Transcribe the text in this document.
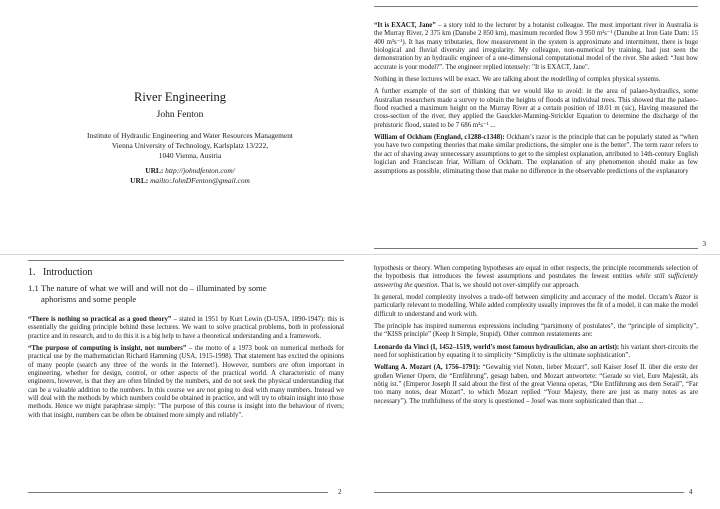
River Engineering
John Fenton
Institute of Hydraulic Engineering and Water Resources Management
Vienna University of Technology, Karlsplatz 13/222,
1040 Vienna, Austria
URL: http://johndfenton.com/
URL: mailto:JohnDFenton@gmail.com

“It is EXACT, Jane” – a story told to the lecturer by a botanist colleague. The most important river in Australia is the Murray River, 2 375 km (Danube 2 850 km), maximum recorded flow 3 950 m³s⁻¹ (Danube at Iron Gate Dam: 15 400 m³s⁻¹). It has many tributaries, flow measurement in the system is approximate and intermittent, there is huge biological and fluvial diversity and irregularity. My colleague, non-numerical by training, had just seen the demonstration by an hydraulic engineer of a one-dimensional computational model of the river. She asked: “Just how accurate is your model?”. The engineer replied intensely: "It is EXACT, Jane".

Nothing in these lectures will be exact. We are talking about the modelling of complex physical systems.

A further example of the sort of thinking that we would like to avoid: in the area of palaeo-hydraulics, some Australian researchers made a survey to obtain the heights of floods at individual trees. This showed that the palaeo-flood reached a maximum height on the Murray River at a certain position of 18.01 m (sic), Having measured the cross-section of the river, they applied the Gauckler-Manning-Strickler Equation to determine the discharge of the prehistoric flood, stated to be 7 686 m³s⁻¹ ...

William of Ockham (England, c1288-c1348): Ockham’s razor is the principle that can be popularly stated as “when you have two competing theories that make similar predictions, the simpler one is the better”. The term razor refers to the act of shaving away unnecessary assumptions to get to the simplest explanation, attributed to 14th-century English logician and Franciscan friar, William of Ockham. The explanation of any phenomenon should make as few assumptions as possible, eliminating those that make no difference in the observable predictions of the explanatory

3
1. Introduction
1.1 The nature of what we will and will not do – illuminated by some
aphorisms and some people

“There is nothing so practical as a good theory” – stated in 1951 by Kurt Lewin (D-USA, 1890-1947): this is essentially the guiding principle behind these lectures. We want to solve practical problems, both in professional practice and in research, and to do this it is a big help to have a theoretical understanding and a framework.

“The purpose of computing is insight, not numbers” – the motto of a 1973 book on numerical methods for practical use by the mathematician Richard Hamming (USA, 1915-1998). That statement has excited the opinions of many people (search any three of the words in the Internet!). However, numbers are often important in engineering, whether for design, control, or other aspects of the practical world. A characteristic of many engineers, however, is that they are often blinded by the numbers, and do not seek the physical understanding that can be a valuable addition to the numbers. In this course we are not going to deal with many numbers. Instead we will deal with the methods by which numbers could be obtained in practice, and will try to obtain insight into those methods. Hence we might paraphrase simply: "The purpose of this course is insight into the behaviour of rivers; with that insight, numbers can be often be obtained more simply and reliably".

2

hypothesis or theory. When competing hypotheses are equal in other respects, the principle recommends selection of the hypothesis that introduces the fewest assumptions and postulates the fewest entities while still sufficiently answering the question. That is, we should not over-simplify our approach.

In general, model complexity involves a trade-off between simplicity and accuracy of the model. Occam’s Razor is particularly relevant to modelling. While added complexity usually improves the fit of a model, it can make the model difficult to understand and work with.

The principle has inspired numerous expressions including “parsimony of postulates”, the “principle of simplicity”, the “KISS principle” (Keep It Simple, Stupid). Other common restatements are:

Leonardo da Vinci (I, 1452–1519, world’s most famous hydraulician, also an artist): his variant short-circuits the need for sophistication by equating it to simplicity “Simplicity is the ultimate sophistication”.

Wolfang A. Mozart (A, 1756–1791): “Gewaltig viel Noten, lieber Mozart”, soll Kaiser Josef II. über die erste der großen Wiener Opern, die “Entführung”, gesagt haben, und Mozart antwortete: “Gerade so viel, Eure Majestät, als nötig ist.” (Emperor Joseph II said about the first of the great Vienna operas, “Die Entführung aus dem Serail”, “Far too many notes, dear Mozart”, to which Mozart replied “Your Majesty, there are just as many notes as are necessary”). The truthfulness of the story is questioned – Josef was more sophisticated than that ...

4
